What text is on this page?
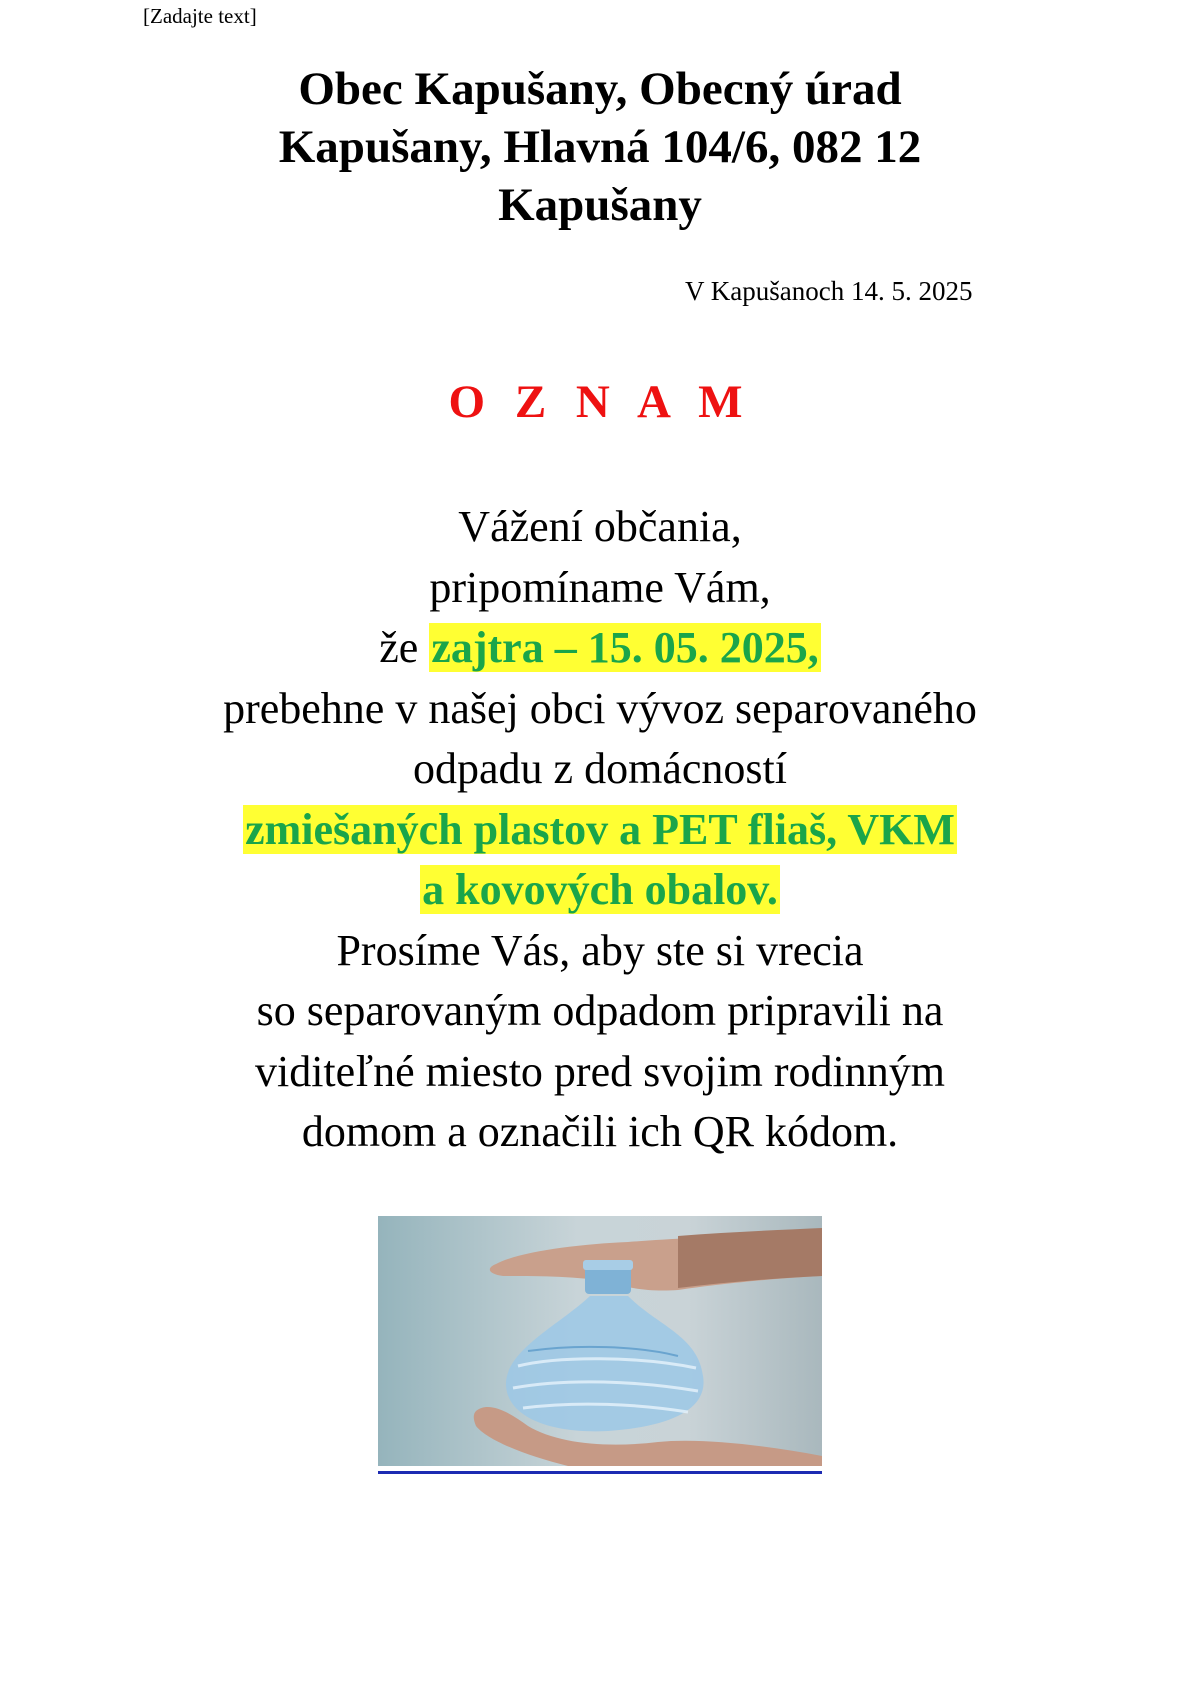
[Zadajte text]
Obec Kapušany, Obecný úrad
Kapušany, Hlavná 104/6, 082 12
Kapušany
V Kapušanoch 14. 5. 2025
O Z N A M
Vážení občania,
pripomíname Vám,
že zajtra – 15. 05. 2025,
prebehne v našej obci vývoz separovaného
odpadu z domácností
zmiešaných plastov a PET fliaš, VKM
a kovových obalov.
Prosíme Vás, aby ste si vrecia
so separovaným odpadom pripravili na
viditeľné miesto pred svojim rodinným
domom a označili ich QR kódom.
